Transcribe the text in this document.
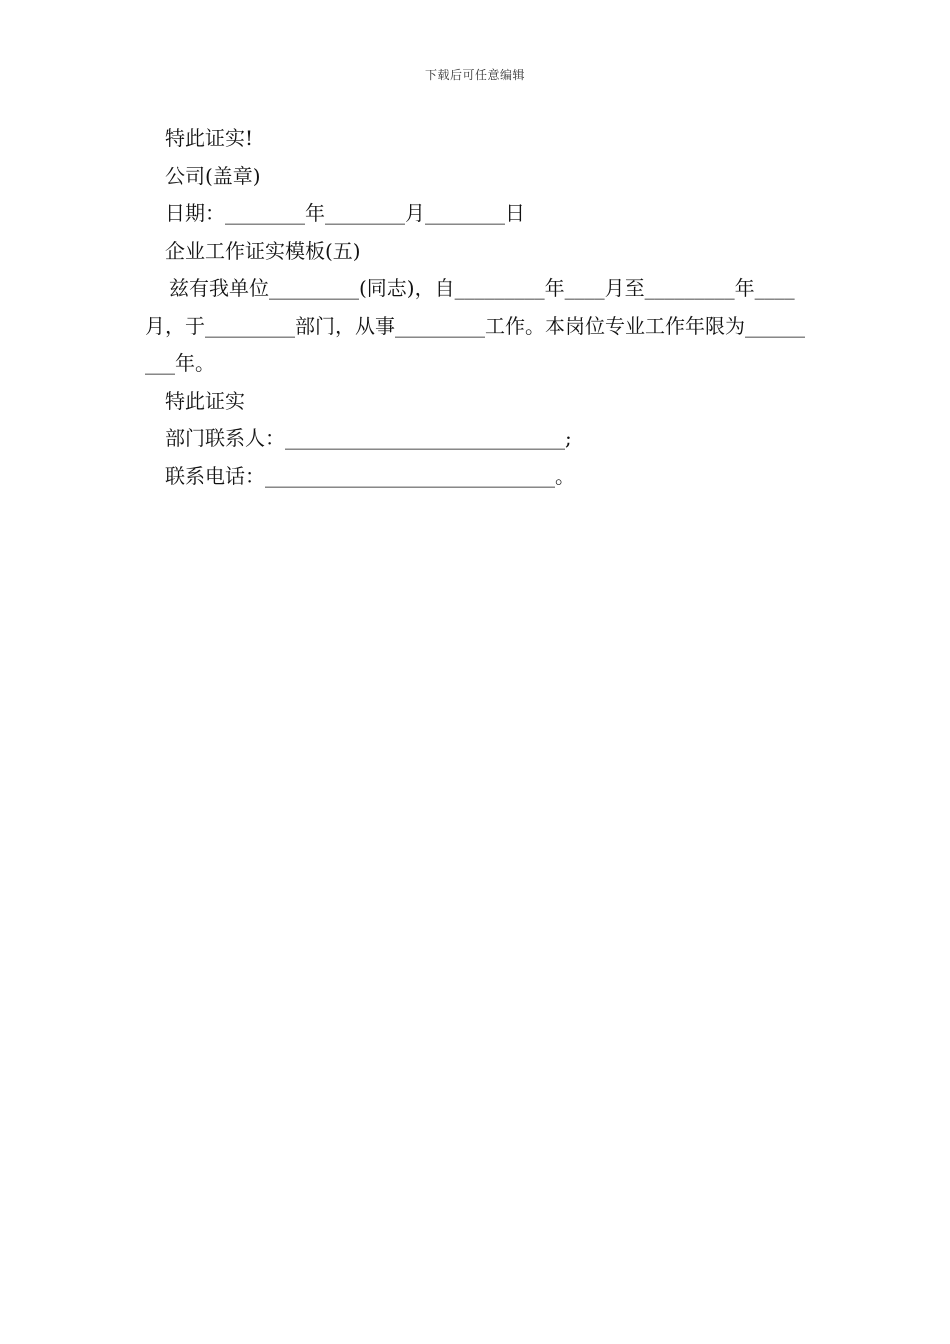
下载后可任意编辑
特此证实!
公司(盖章)
日期：________年________月________日
企业工作证实模板(五)
兹有我单位_________(同志)，自_________年____月至_________年____月，于_________部门，从事_________工作。本岗位专业工作年限为_________年。
特此证实
部门联系人：____________________________;
联系电话：_____________________________。
